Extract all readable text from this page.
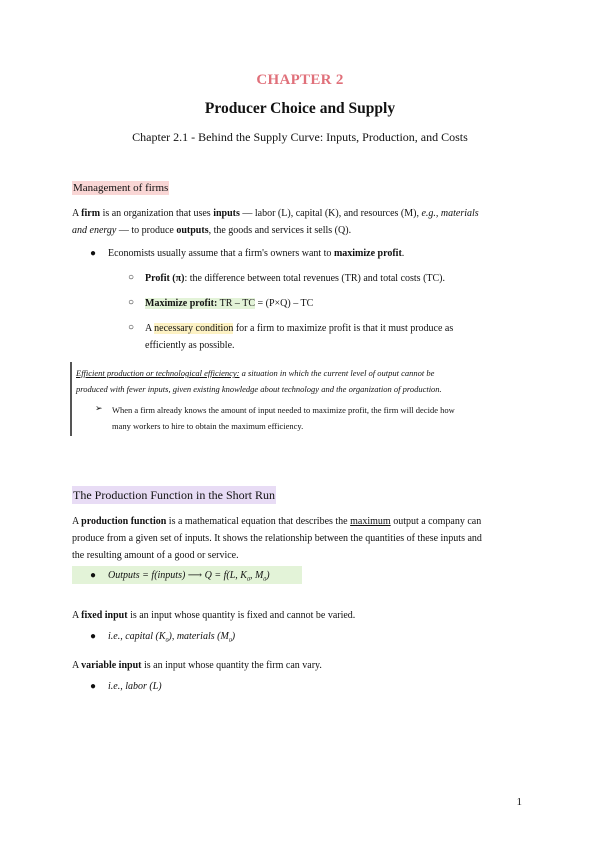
CHAPTER 2
Producer Choice and Supply
Chapter 2.1 - Behind the Supply Curve: Inputs, Production, and Costs
Management of firms
A firm is an organization that uses inputs — labor (L), capital (K), and resources (M), e.g., materials
and energy — to produce outputs, the goods and services it sells (Q).
● Economists usually assume that a firm's owners want to maximize profit.
○ Profit (π): the difference between total revenues (TR) and total costs (TC).
○ Maximize profit: TR – TC = (P×Q) – TC
○ A necessary condition for a firm to maximize profit is that it must produce as
efficiently as possible.
Efficient production or technological efficiency: a situation in which the current level of output cannot be
produced with fewer inputs, given existing knowledge about technology and the organization of production.
➢ When a firm already knows the amount of input needed to maximize profit, the firm will decide how
many workers to hire to obtain the maximum efficiency.
The Production Function in the Short Run
A production function is a mathematical equation that describes the maximum output a company can
produce from a given set of inputs. It shows the relationship between the quantities of these inputs and
the resulting amount of a good or service.
● Outputs = f(inputs) ⟶ Q = f(L, $K_0$, $M_0$)
A fixed input is an input whose quantity is fixed and cannot be varied.
● i.e., capital $(K_0)$, materials $(M_0)$
A variable input is an input whose quantity the firm can vary.
● i.e., labor (L)
1
